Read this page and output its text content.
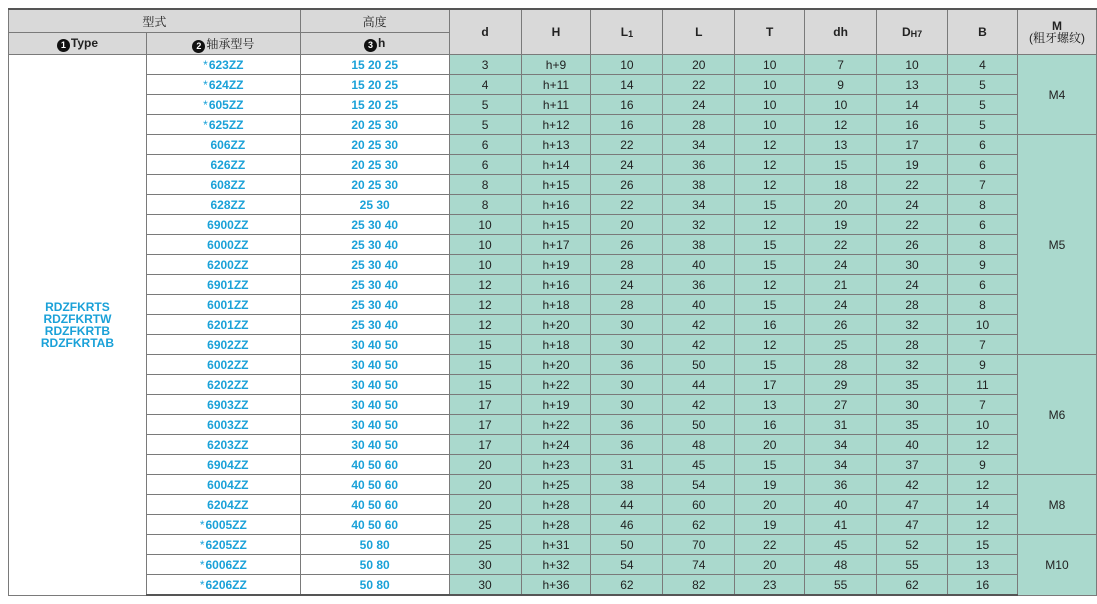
型式		高度	d	H	L1	L	T	dh	DH7	B	M
(粗牙螺纹)

1 Type	2 轴承型号	3 h									

RDZFKRTS
RDZFKRTW
RDZFKRTB
RDZFKRTAB	*623ZZ	15 20 25	3	h+9	10	20	10	7	10	4	M4
	*624ZZ	15 20 25	4	h+11	14	22	10	9	13	5	
	*605ZZ	15 20 25	5	h+11	16	24	10	10	14	5	
	*625ZZ	20 25 30	5	h+12	16	28	10	12	16	5	
	606ZZ	20 25 30	6	h+13	22	34	12	13	17	6	M5
	626ZZ	20 25 30	6	h+14	24	36	12	15	19	6	
	608ZZ	20 25 30	8	h+15	26	38	12	18	22	7	
	628ZZ	25 30	8	h+16	22	34	15	20	24	8	
	6900ZZ	25 30 40	10	h+15	20	32	12	19	22	6	
	6000ZZ	25 30 40	10	h+17	26	38	15	22	26	8	
	6200ZZ	25 30 40	10	h+19	28	40	15	24	30	9	
	6901ZZ	25 30 40	12	h+16	24	36	12	21	24	6	
	6001ZZ	25 30 40	12	h+18	28	40	15	24	28	8	
	6201ZZ	25 30 40	12	h+20	30	42	16	26	32	10	
	6902ZZ	30 40 50	15	h+18	30	42	12	25	28	7	
	6002ZZ	30 40 50	15	h+20	36	50	15	28	32	9	M6
	6202ZZ	30 40 50	15	h+22	30	44	17	29	35	11	
	6903ZZ	30 40 50	17	h+19	30	42	13	27	30	7	
	6003ZZ	30 40 50	17	h+22	36	50	16	31	35	10	
	6203ZZ	30 40 50	17	h+24	36	48	20	34	40	12	
	6904ZZ	40 50 60	20	h+23	31	45	15	34	37	9	
	6004ZZ	40 50 60	20	h+25	38	54	19	36	42	12	M8
	6204ZZ	40 50 60	20	h+28	44	60	20	40	47	14	
	*6005ZZ	40 50 60	25	h+28	46	62	19	41	47	12	
	*6205ZZ	50 80	25	h+31	50	70	22	45	52	15	M10
	*6006ZZ	50 80	30	h+32	54	74	20	48	55	13	
	*6206ZZ	50 80	30	h+36	62	82	23	55	62	16	
